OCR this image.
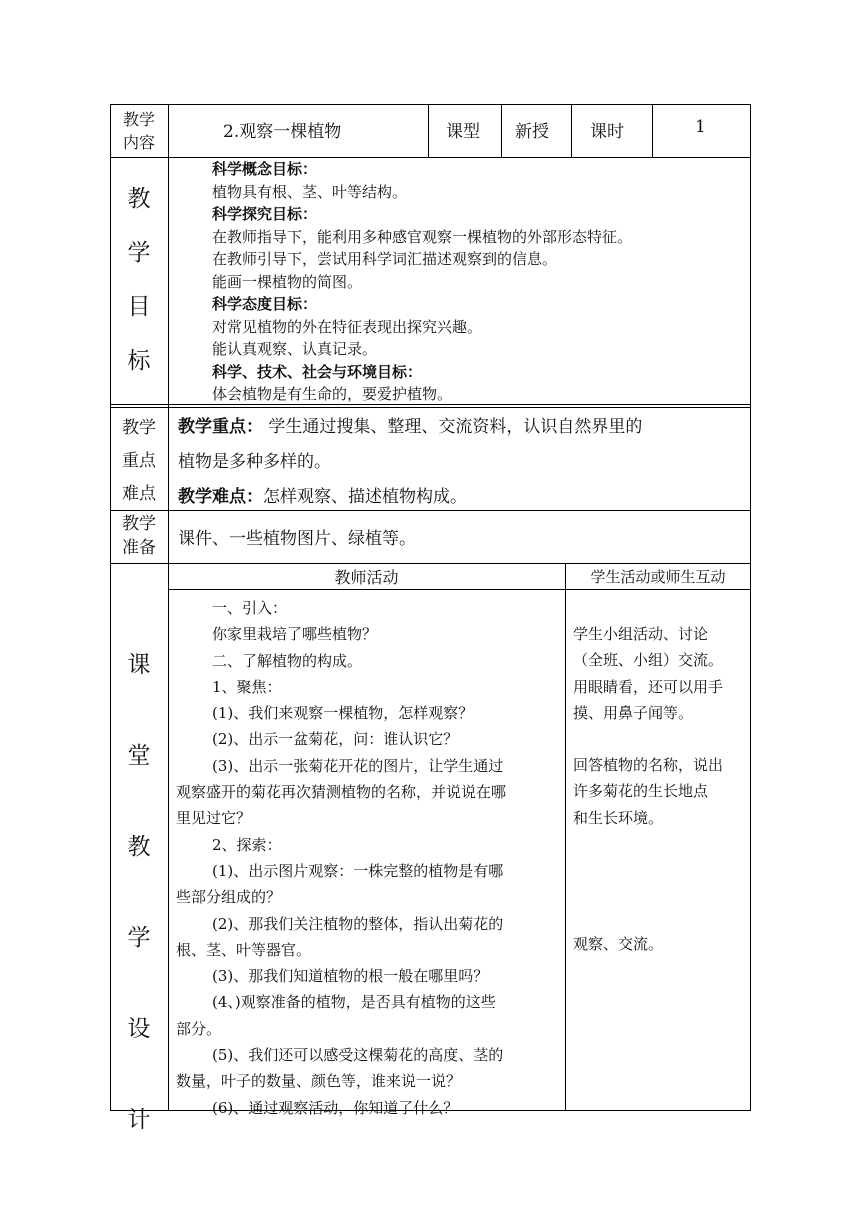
教学
内容
2.观察一棵植物	课型 新授 课时	1
教
学
目
标
科学概念目标：
植物具有根、茎、叶等结构。
科学探究目标：
在教师指导下，能利用多种感官观察一棵植物的外部形态特征。
在教师引导下，尝试用科学词汇描述观察到的信息。
能画一棵植物的简图。
科学态度目标：
对常见植物的外在特征表现出探究兴趣。
能认真观察、认真记录。
科学、技术、社会与环境目标：
体会植物是有生命的，要爱护植物。
教学
重点
难点
教学重点： 学生通过搜集、整理、交流资料，认识自然界里的
植物是多种多样的。
教学难点：怎样观察、描述植物构成。
教学
准备 课件、一些植物图片、绿植等。
课
堂
教
学
设
计
教师活动	学生活动或师生互动
一、引入：
你家里栽培了哪些植物？
二、了解植物的构成。
1、聚焦：
(1)、我们来观察一棵植物，怎样观察？
(2)、出示一盆菊花，问：谁认识它？
(3)、出示一张菊花开花的图片，让学生通过
观察盛开的菊花再次猜测植物的名称，并说说在哪
里见过它？
2、探索：
(1)、出示图片观察：一株完整的植物是有哪
些部分组成的？
(2)、那我们关注植物的整体，指认出菊花的
根、茎、叶等器官。
(3)、那我们知道植物的根一般在哪里吗？
(4、)观察准备的植物，是否具有植物的这些
部分。
(5)、我们还可以感受这棵菊花的高度、茎的
数量，叶子的数量、颜色等，谁来说一说？
(6)、通过观察活动，你知道了什么？
学生小组活动、讨论
（全班、小组）交流。
用眼睛看，还可以用手
摸、用鼻子闻等。
回答植物的名称，说出
许多菊花的生长地点
和生长环境。
观察、交流。
